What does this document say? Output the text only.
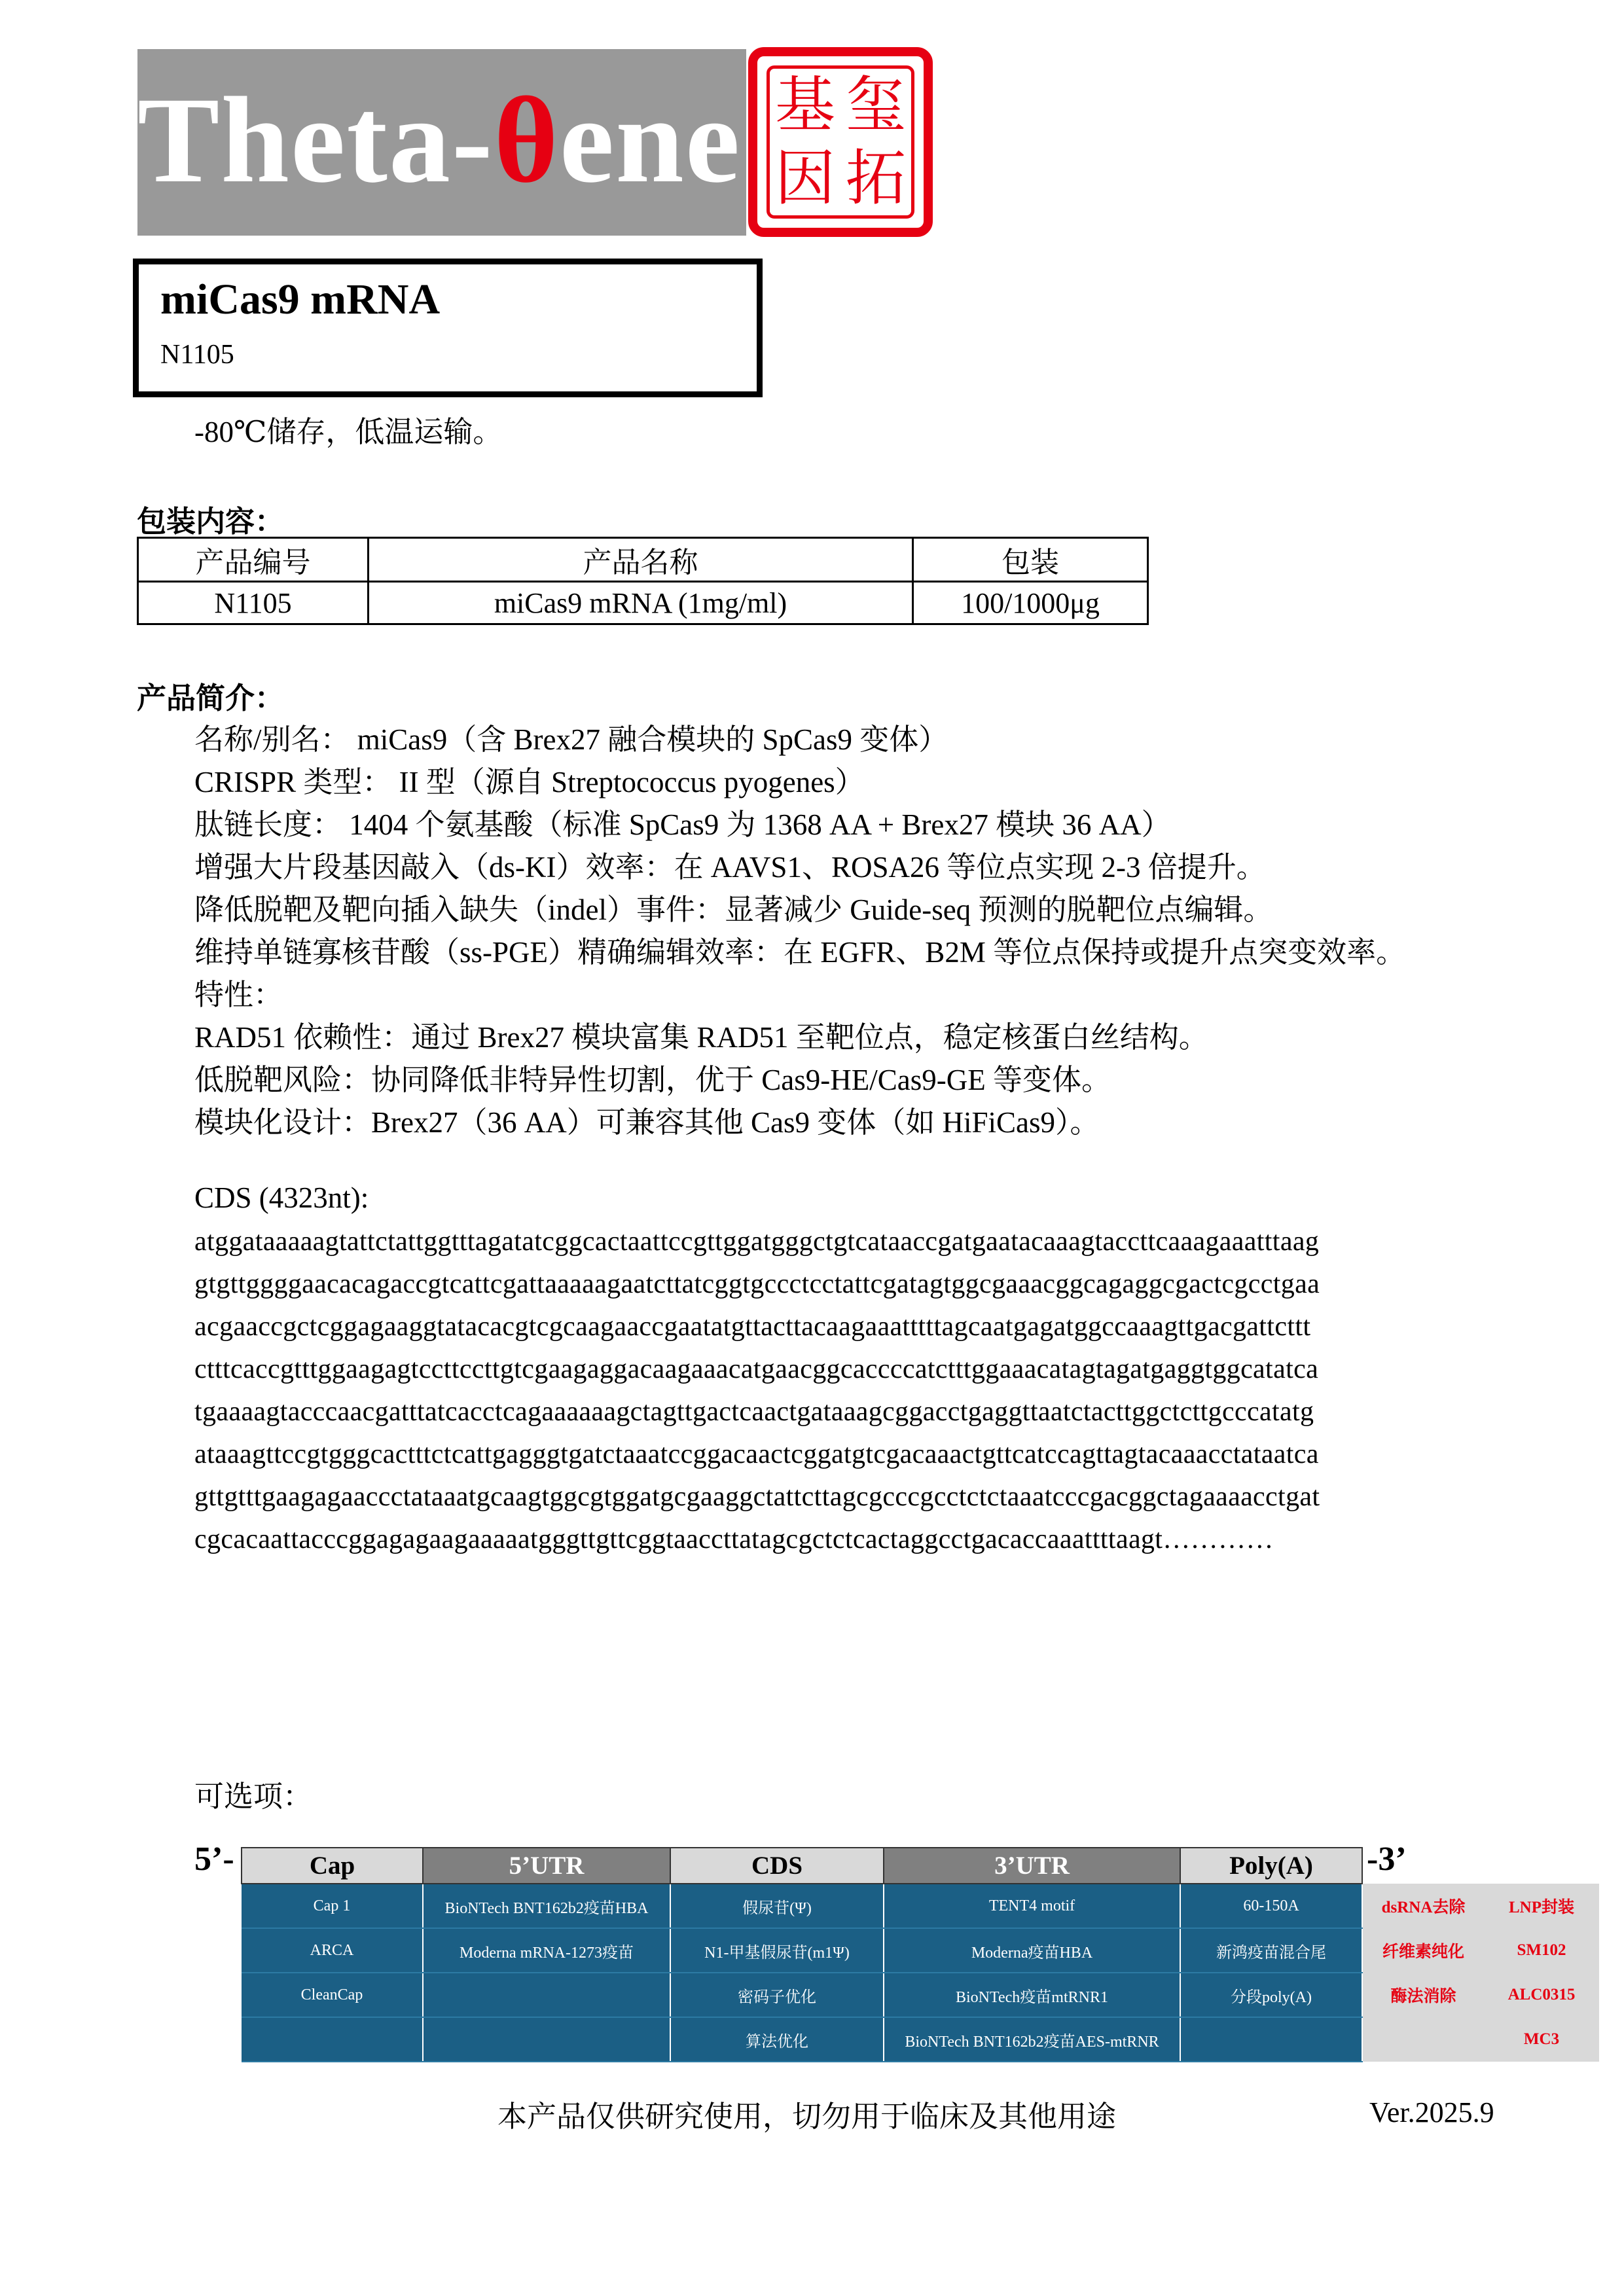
Theta-θene 基 玺
因 拓
miCas9 mRNA
N1105
-80℃储存，低温运输。
包装内容：
产品编号	产品名称	包装
N1105	miCas9 mRNA (1mg/ml)	100/1000μg
产品简介：
名称/别名： miCas9（含 Brex27 融合模块的 SpCas9 变体）
CRISPR 类型： II 型（源自 Streptococcus pyogenes）
肽链长度： 1404 个氨基酸（标准 SpCas9 为 1368 AA + Brex27 模块 36 AA）
增强大片段基因敲入（ds-KI）效率：在 AAVS1、ROSA26 等位点实现 2-3 倍提升。
降低脱靶及靶向插入缺失（indel）事件：显著减少 Guide-seq 预测的脱靶位点编辑。
维持单链寡核苷酸（ss-PGE）精确编辑效率：在 EGFR、B2M 等位点保持或提升点突变效率。
特性：
RAD51 依赖性：通过 Brex27 模块富集 RAD51 至靶位点，稳定核蛋白丝结构。
低脱靶风险：协同降低非特异性切割，优于 Cas9-HE/Cas9-GE 等变体。
模块化设计：Brex27（36 AA）可兼容其他 Cas9 变体（如 HiFiCas9）。
CDS (4323nt):
atggataaaaagtattctattggtttagatatcggcactaattccgttggatgggctgtcataaccgatgaatacaaagtaccttcaaagaaatttaag
gtgttggggaacacagaccgtcattcgattaaaaagaatcttatcggtgccctcctattcgatagtggcgaaacggcagaggcgactcgcctgaa
acgaaccgctcggagaaggtatacacgtcgcaagaaccgaatatgttacttacaagaaatttttagcaatgagatggccaaagttgacgattcttt
ctttcaccgtttggaagagtccttccttgtcgaagaggacaagaaacatgaacggcaccccatctttggaaacatagtagatgaggtggcatatca
tgaaaagtacccaacgatttatcacctcagaaaaaagctagttgactcaactgataaagcggacctgaggttaatctacttggctcttgcccatatg
ataaagttccgtgggcactttctcattgagggtgatctaaatccggacaactcggatgtcgacaaactgttcatccagttagtacaaacctataatca
gttgtttgaagagaaccctataaatgcaagtggcgtggatgcgaaggctattcttagcgcccgcctctctaaatcccgacggctagaaaacctgat
cgcacaattacccggagagaagaaaaatgggttgttcggtaaccttatagcgctctcactaggcctgacaccaaattttaagt…………
可选项：
5’-	-3’
Cap	5’UTR	CDS	3’UTR	Poly(A)		
Cap 1	BioNTech BNT162b2疫苗HBA	假尿苷(Ψ)	TENT4 motif	60-150A	dsRNA去除	LNP封装
ARCA	Moderna mRNA-1273疫苗	N1-甲基假尿苷(m1Ψ)	Moderna疫苗HBA	新鸿疫苗混合尾	纤维素纯化	SM102
CleanCap		密码子优化	BioNTech疫苗mtRNR1	分段poly(A)	酶法消除	ALC0315
		算法优化	BioNTech BNT162b2疫苗AES-mtRNR			MC3
本产品仅供研究使用，切勿用于临床及其他用途	Ver.2025.9
